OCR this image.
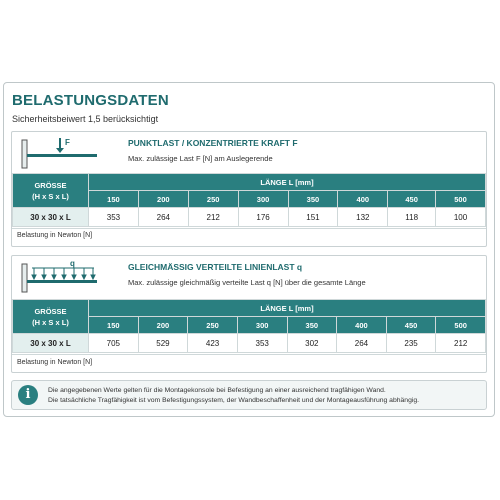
BELASTUNGSDATEN
Sicherheitsbeiwert 1,5 berücksichtigt
F	PUNKTLAST / KONZENTRIERTE KRAFT F
Max. zulässige Last F [N] am Auslegerende
GRÖSSE
(H x S x L)	LÄNGE L [mm]							
	150	200	250	300	350	400	450	500
30 x 30 x L	353	264	212	176	151	132	118	100
Belastung in Newton [N]
q	GLEICHMÄSSIG VERTEILTE LINIENLAST q
Max. zulässige gleichmäßig verteilte Last q [N] über die gesamte Länge
GRÖSSE
(H x S x L)	LÄNGE L [mm]							
	150	200	250	300	350	400	450	500
30 x 30 x L	705	529	423	353	302	264	235	212
Belastung in Newton [N]
i	Die angegebenen Werte gelten für die Montagekonsole bei Befestigung an einer ausreichend tragfähigen Wand.
Die tatsächliche Tragfähigkeit ist vom Befestigungssystem, der Wandbeschaffenheit und der Montageausführung abhängig.
